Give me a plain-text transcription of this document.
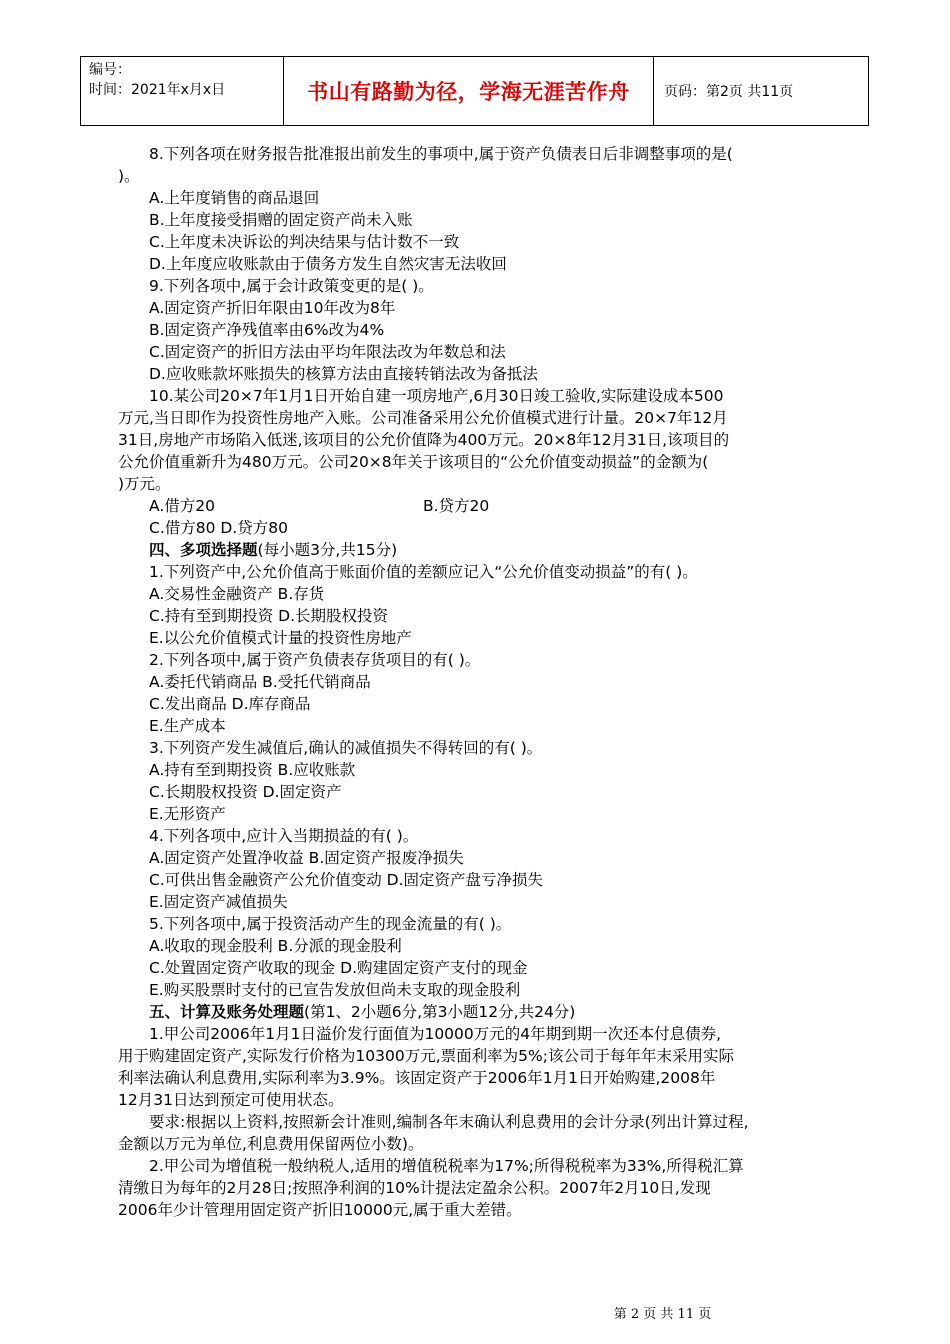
编号：
时间：2021年x月x日	书山有路勤为径，学海无涯苦作舟	页码：第2页 共11页
8.下列各项在财务报告批准报出前发生的事项中,属于资产负债表日后非调整事项的是(
)。
A.上年度销售的商品退回
B.上年度接受捐赠的固定资产尚未入账
C.上年度未决诉讼的判决结果与估计数不一致
D.上年度应收账款由于债务方发生自然灾害无法收回
9.下列各项中,属于会计政策变更的是( )。
A.固定资产折旧年限由10年改为8年
B.固定资产净残值率由6%改为4%
C.固定资产的折旧方法由平均年限法改为年数总和法
D.应收账款坏账损失的核算方法由直接转销法改为备抵法
10.某公司20×7年1月1日开始自建一项房地产,6月30日竣工验收,实际建设成本500
万元,当日即作为投资性房地产入账。公司准备采用公允价值模式进行计量。20×7年12月
31日,房地产市场陷入低迷,该项目的公允价值降为400万元。20×8年12月31日,该项目的
公允价值重新升为480万元。公司20×8年关于该项目的“公允价值变动损益”的金额为(
)万元。
A.借方20	B.贷方20
C.借方80 D.贷方80
四、多项选择题(每小题3分,共15分)
1.下列资产中,公允价值高于账面价值的差额应记入“公允价值变动损益”的有( )。
A.交易性金融资产 B.存货
C.持有至到期投资 D.长期股权投资
E.以公允价值模式计量的投资性房地产
2.下列各项中,属于资产负债表存货项目的有( )。
A.委托代销商品 B.受托代销商品
C.发出商品 D.库存商品
E.生产成本
3.下列资产发生减值后,确认的减值损失不得转回的有( )。
A.持有至到期投资 B.应收账款
C.长期股权投资 D.固定资产
E.无形资产
4.下列各项中,应计入当期损益的有( )。
A.固定资产处置净收益 B.固定资产报废净损失
C.可供出售金融资产公允价值变动 D.固定资产盘亏净损失
E.固定资产减值损失
5.下列各项中,属于投资活动产生的现金流量的有( )。
A.收取的现金股利 B.分派的现金股利
C.处置固定资产收取的现金 D.购建固定资产支付的现金
E.购买股票时支付的已宣告发放但尚未支取的现金股利
五、计算及账务处理题(第1、2小题6分,第3小题12分,共24分)
1.甲公司2006年1月1日溢价发行面值为10000万元的4年期到期一次还本付息债券,
用于购建固定资产,实际发行价格为10300万元,票面利率为5%;该公司于每年年末采用实际
利率法确认利息费用,实际利率为3.9%。该固定资产于2006年1月1日开始购建,2008年
12月31日达到预定可使用状态。
要求:根据以上资料,按照新会计准则,编制各年末确认利息费用的会计分录(列出计算过程,
金额以万元为单位,利息费用保留两位小数)。
2.甲公司为增值税一般纳税人,适用的增值税税率为17%;所得税税率为33%,所得税汇算
清缴日为每年的2月28日;按照净利润的10%计提法定盈余公积。2007年2月10日,发现
2006年少计管理用固定资产折旧10000元,属于重大差错。
第 2 页 共 11 页
